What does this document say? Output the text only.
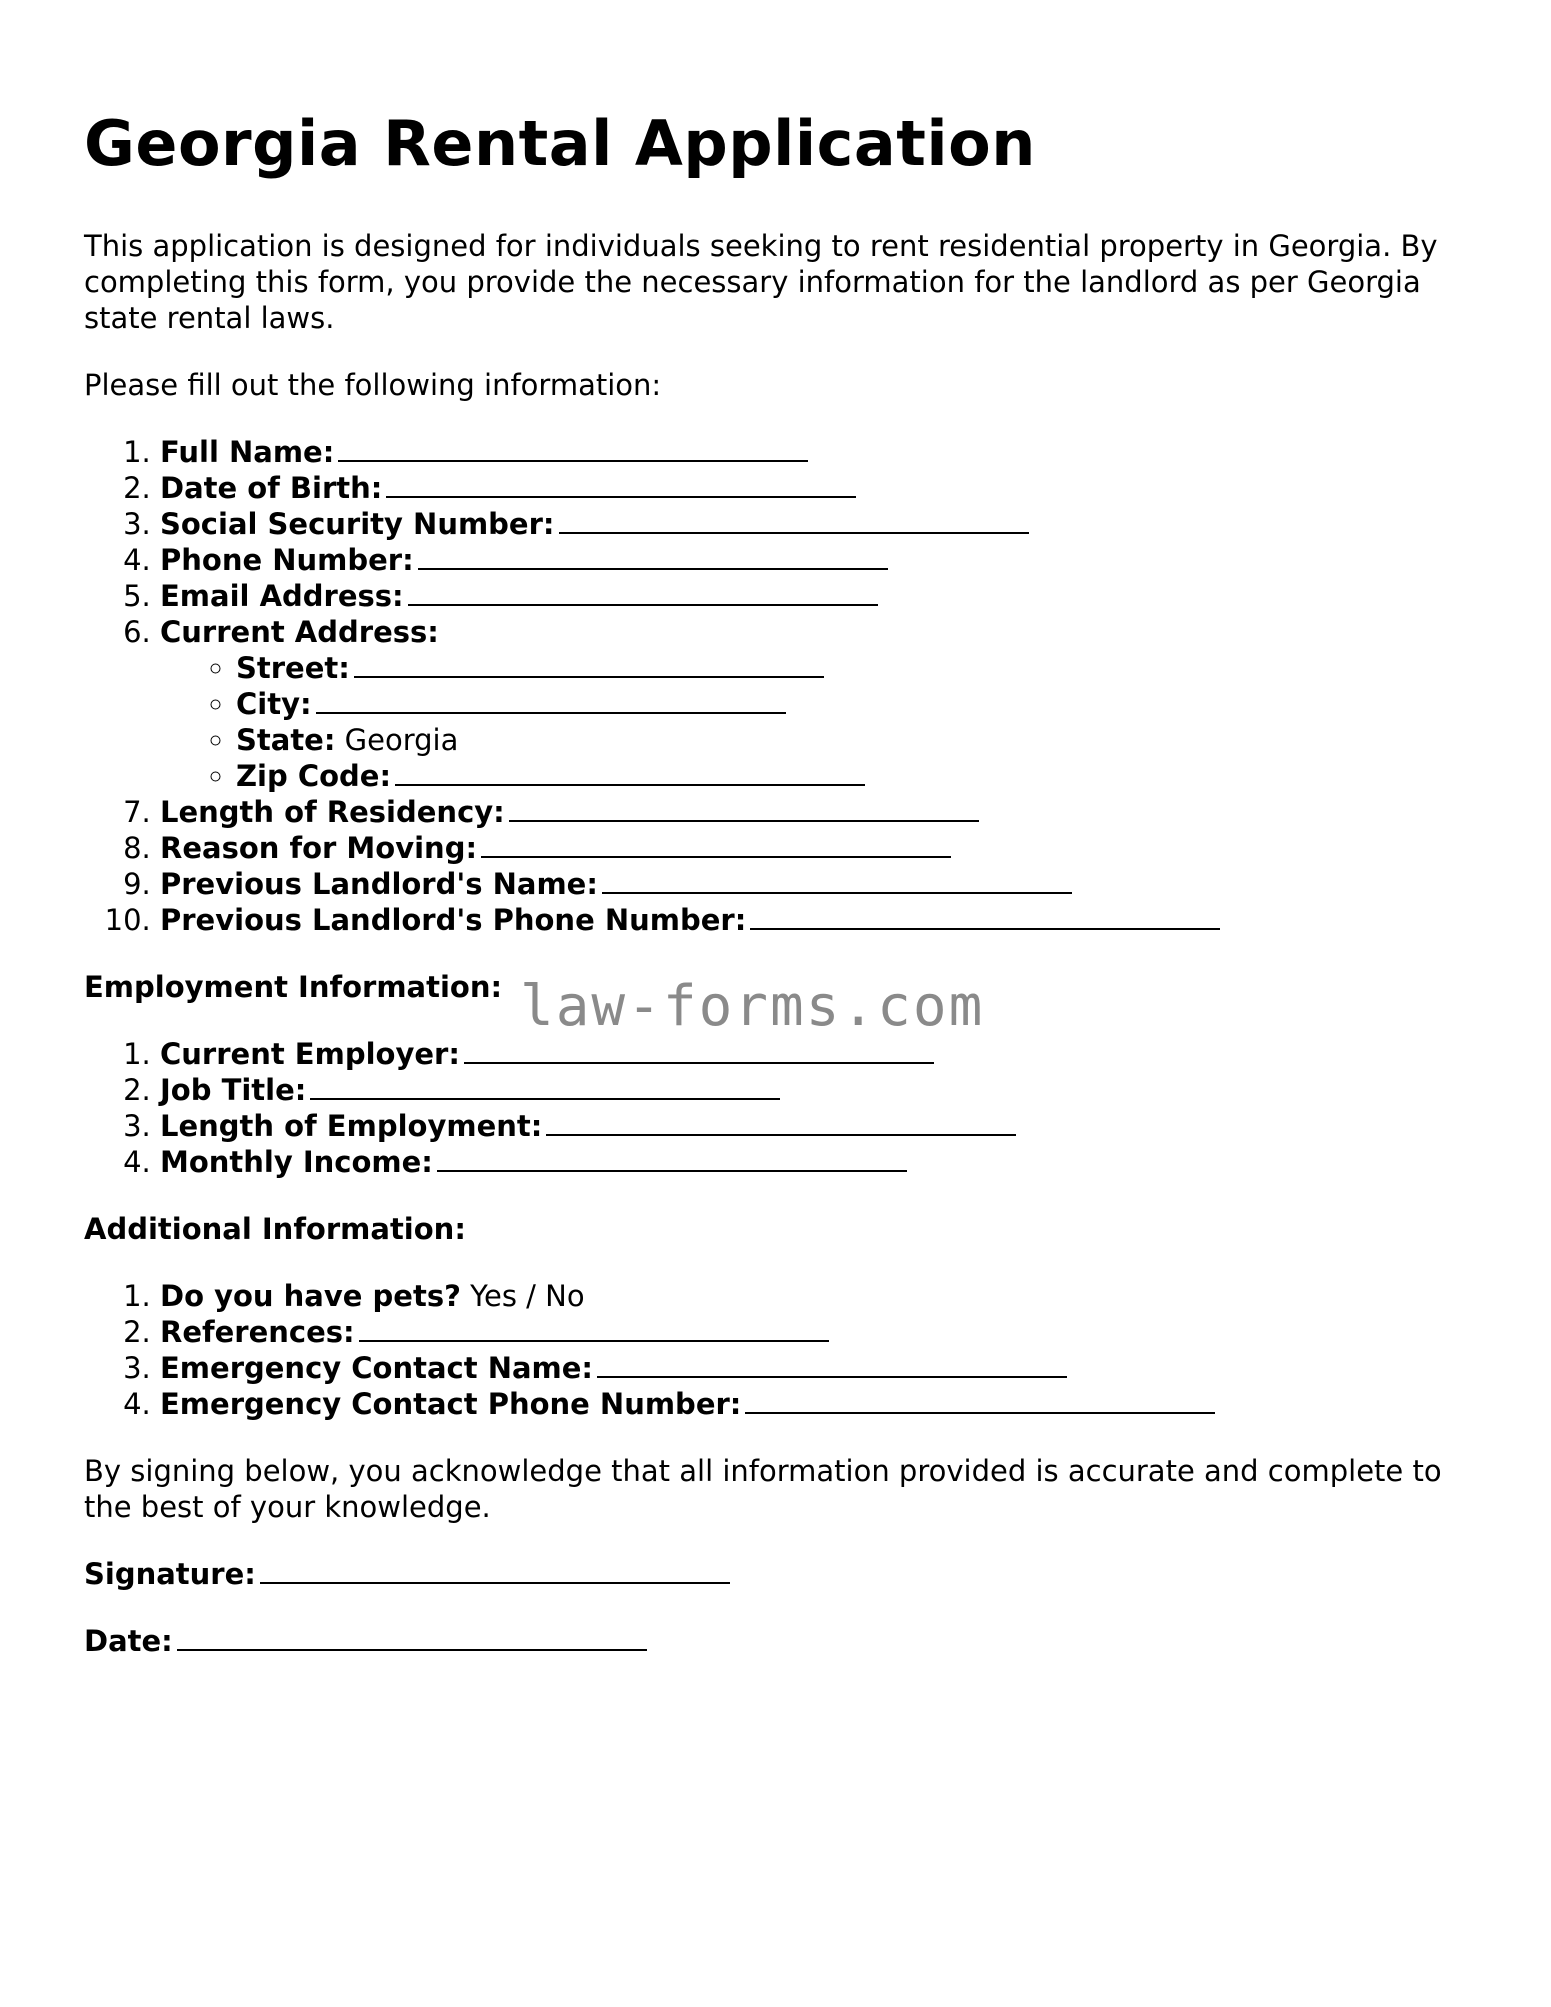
Georgia Rental Application

This application is designed for individuals seeking to rent residential property in Georgia. By completing this form, you provide the necessary information for the landlord as per Georgia state rental laws.

Please fill out the following information:

1. Full Name:
2. Date of Birth:
3. Social Security Number:
4. Phone Number:
5. Email Address:
6. Current Address:
◦ Street:
◦ City:
◦ State: Georgia
◦ Zip Code:
7. Length of Residency:
8. Reason for Moving:
9. Previous Landlord's Name:
10. Previous Landlord's Phone Number:

Employment Information:

1. Current Employer:
2. Job Title:
3. Length of Employment:
4. Monthly Income:

Additional Information:

1. Do you have pets? Yes / No
2. References:
3. Emergency Contact Name:
4. Emergency Contact Phone Number:

By signing below, you acknowledge that all information provided is accurate and complete to the best of your knowledge.

Signature:
Date:
law-forms.com
